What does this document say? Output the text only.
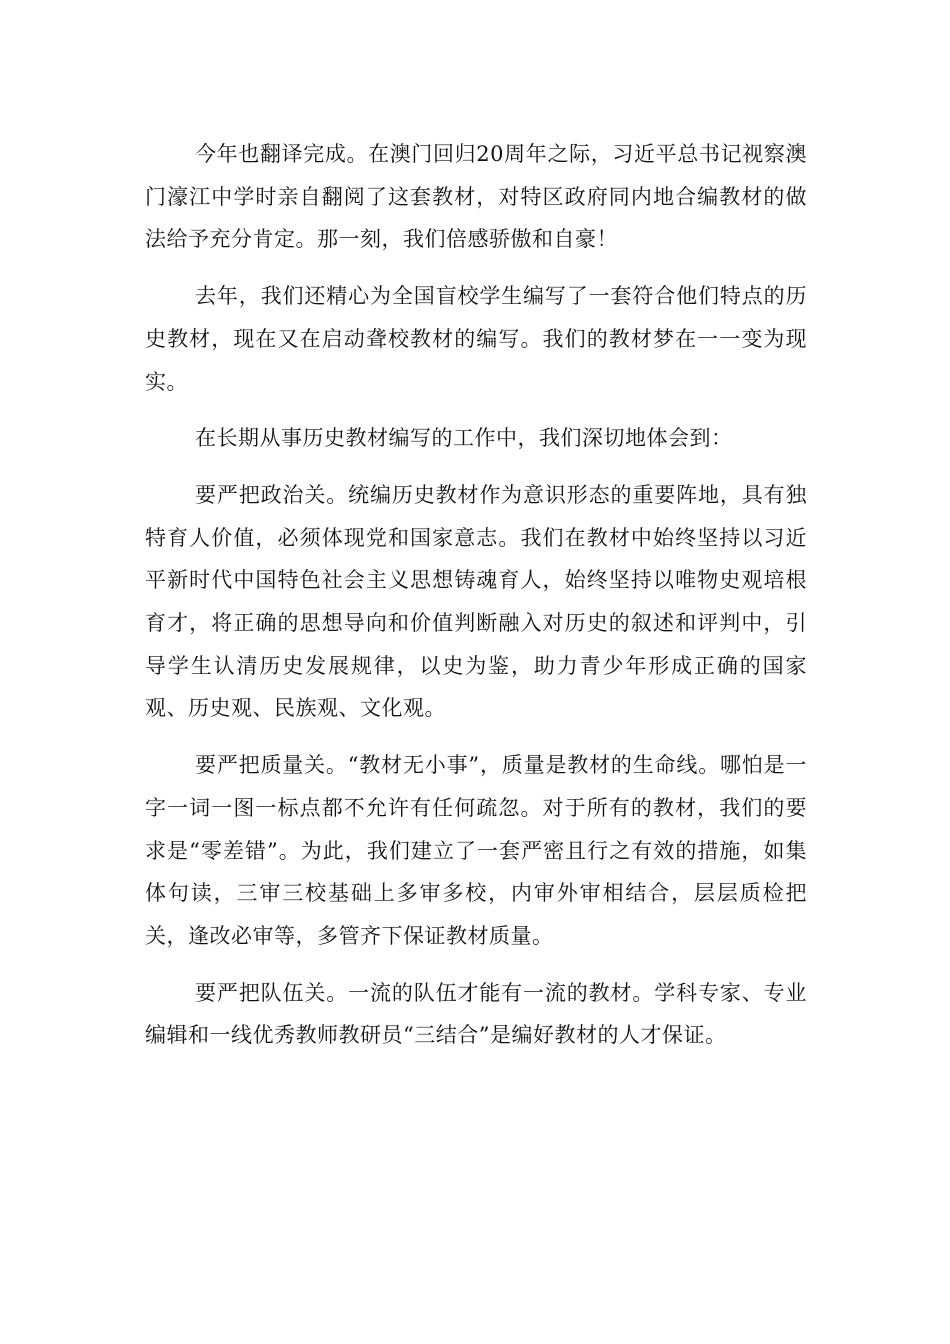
今年也翻译完成。在澳门回归20周年之际，习近平总书记视察澳门濠江中学时亲自翻阅了这套教材，对特区政府同内地合编教材的做法给予充分肯定。那一刻，我们倍感骄傲和自豪！

去年，我们还精心为全国盲校学生编写了一套符合他们特点的历史教材，现在又在启动聋校教材的编写。我们的教材梦在一一变为现实。

在长期从事历史教材编写的工作中，我们深切地体会到：

要严把政治关。统编历史教材作为意识形态的重要阵地，具有独特育人价值，必须体现党和国家意志。我们在教材中始终坚持以习近平新时代中国特色社会主义思想铸魂育人，始终坚持以唯物史观培根育才，将正确的思想导向和价值判断融入对历史的叙述和评判中，引导学生认清历史发展规律，以史为鉴，助力青少年形成正确的国家观、历史观、民族观、文化观。

要严把质量关。“教材无小事”，质量是教材的生命线。哪怕是一字一词一图一标点都不允许有任何疏忽。对于所有的教材，我们的要求是“零差错”。为此，我们建立了一套严密且行之有效的措施，如集体句读，三审三校基础上多审多校，内审外审相结合，层层质检把关，逢改必审等，多管齐下保证教材质量。

要严把队伍关。一流的队伍才能有一流的教材。学科专家、专业编辑和一线优秀教师教研员“三结合”是编好教材的人才保证。
